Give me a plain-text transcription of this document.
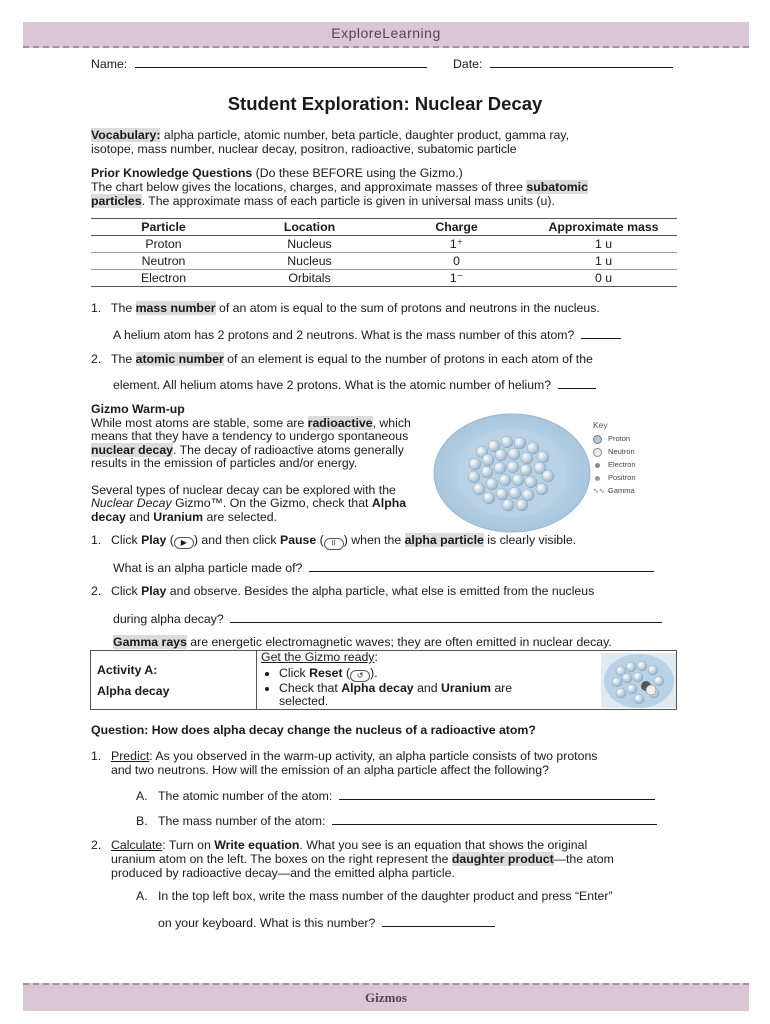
ExploreLearning
Name:	Date:
Student Exploration: Nuclear Decay

Vocabulary: alpha particle, atomic number, beta particle, daughter product, gamma ray,

isotope, mass number, nuclear decay, positron, radioactive, subatomic particle

Prior Knowledge Questions (Do these BEFORE using the Gizmo.)

The chart below gives the locations, charges, and approximate masses of three subatomic

particles. The approximate mass of each particle is given in universal mass units (u).

Particle	Location	Charge	Approximate mass
Proton	Nucleus	1⁺	1 u
Neutron	Nucleus	0	1 u
Electron	Orbitals	1⁻	0 u
1. The mass number of an atom is equal to the sum of protons and neutrons in the nucleus.
A helium atom has 2 protons and 2 neutrons. What is the mass number of this atom?
2. The atomic number of an element is equal to the number of protons in each atom of the
element. All helium atoms have 2 protons. What is the atomic number of helium?

Gizmo Warm-up

While most atoms are stable, some are radioactive, which

means that they have a tendency to undergo spontaneous

nuclear decay. The decay of radioactive atoms generally

results in the emission of particles and/or energy.

Several types of nuclear decay can be explored with the

Nuclear Decay Gizmo™. On the Gizmo, check that Alpha

decay and Uranium are selected.

Key
Proton
Neutron
Electron
Positron
∿∿→Gamma
1. Click Play ( ▶ ) and then click Pause ( II ) when the alpha particle is clearly visible.
What is an alpha particle made of?
2. Click Play and observe. Besides the alpha particle, what else is emitted from the nucleus
during alpha decay?
Gamma rays are energetic electromagnetic waves; they are often emitted in nuclear decay.
Activity A:
Alpha decay

Get the Gizmo ready:

• Click Reset ( ↺ ).
• Check that Alpha decay and Uranium are
selected.
Question: How does alpha decay change the nucleus of a radioactive atom?

1. Predict: As you observed in the warm-up activity, an alpha particle consists of two protons

and two neutrons. How will the emission of an alpha particle affect the following?

A. The atomic number of the atom:
B. The mass number of the atom:

2. Calculate: Turn on Write equation. What you see is an equation that shows the original

uranium atom on the left. The boxes on the right represent the daughter product—the atom

produced by radioactive decay—and the emitted alpha particle.

A. In the top left box, write the mass number of the daughter product and press “Enter”
on your keyboard. What is this number?
Gizmos
